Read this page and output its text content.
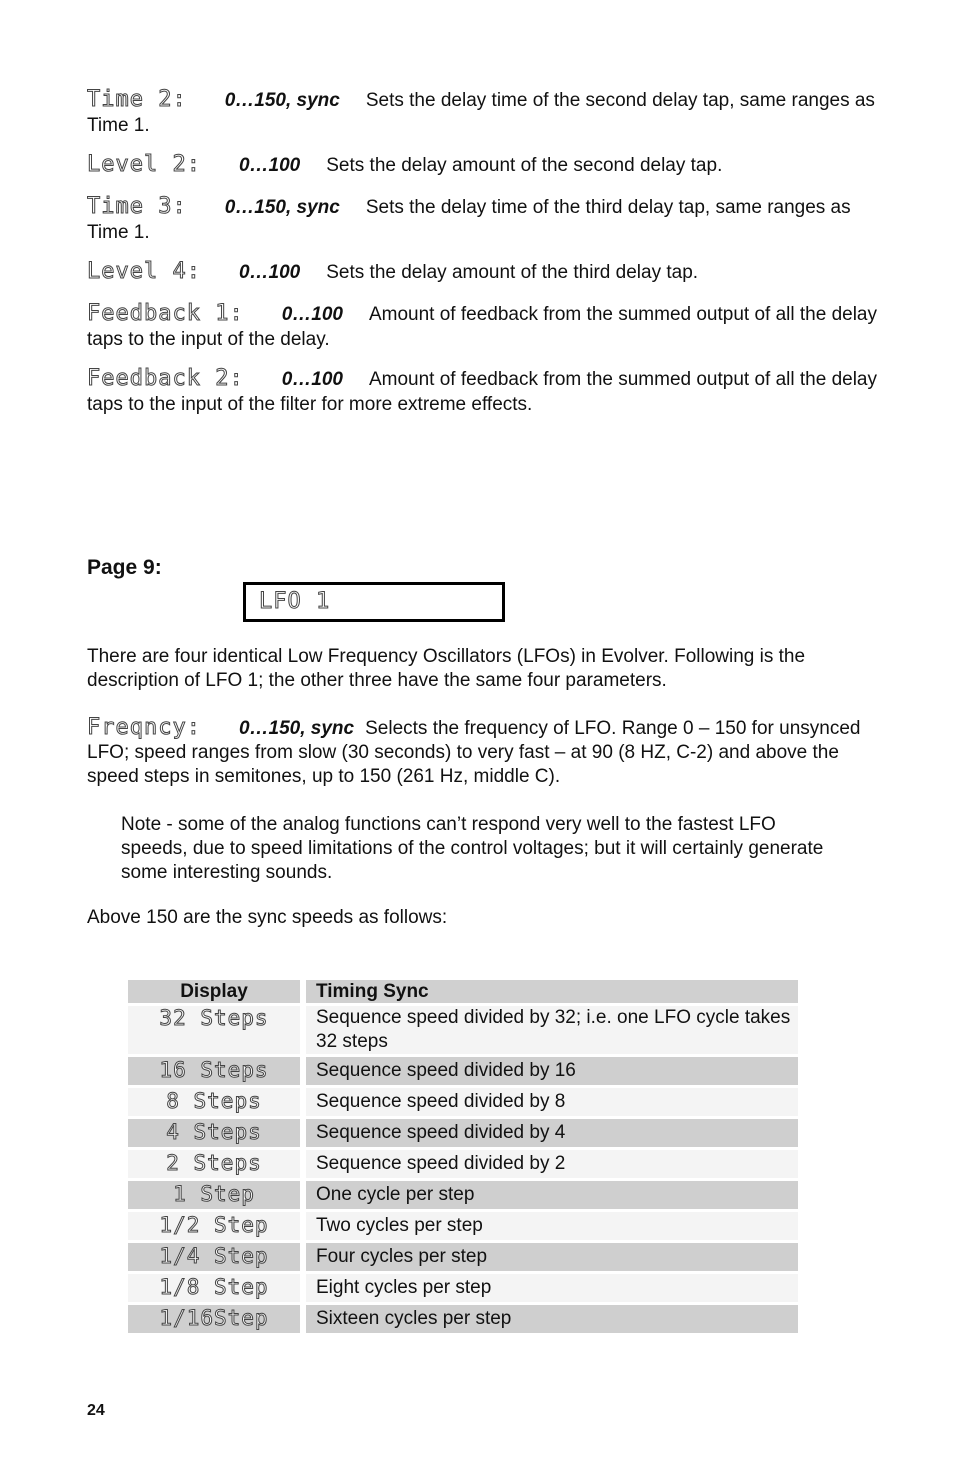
Time 2: 0…150, sync Sets the delay time of the second delay tap, same ranges as Time 1.
Level 2: 0…100 Sets the delay amount of the second delay tap.
Time 3: 0…150, sync Sets the delay time of the third delay tap, same ranges as Time 1.
Level 4: 0…100 Sets the delay amount of the third delay tap.
Feedback 1: 0…100 Amount of feedback from the summed output of all the delay taps to the input of the delay.
Feedback 2: 0…100 Amount of feedback from the summed output of all the delay taps to the input of the filter for more extreme effects.
Page 9:
LFO 1
There are four identical Low Frequency Oscillators (LFOs) in Evolver. Following is the description of LFO 1; the other three have the same four parameters.
Freqncy: 0…150, sync Selects the frequency of LFO. Range 0 – 150 for unsynced LFO; speed ranges from slow (30 seconds) to very fast – at 90 (8 HZ, C-2) and above the speed steps in semitones, up to 150 (261 Hz, middle C).
Note - some of the analog functions can’t respond very well to the fastest LFO speeds, due to speed limitations of the control voltages; but it will certainly generate some interesting sounds.
Above 150 are the sync speeds as follows:
Display		Timing Sync
32 Steps		Sequence speed divided by 32; i.e. one LFO cycle takes 32 steps
16 Steps		Sequence speed divided by 16
8 Steps		Sequence speed divided by 8
4 Steps		Sequence speed divided by 4
2 Steps		Sequence speed divided by 2
1 Step		One cycle per step
1/2 Step		Two cycles per step
1/4 Step		Four cycles per step
1/8 Step		Eight cycles per step
1/16Step		Sixteen cycles per step
24
